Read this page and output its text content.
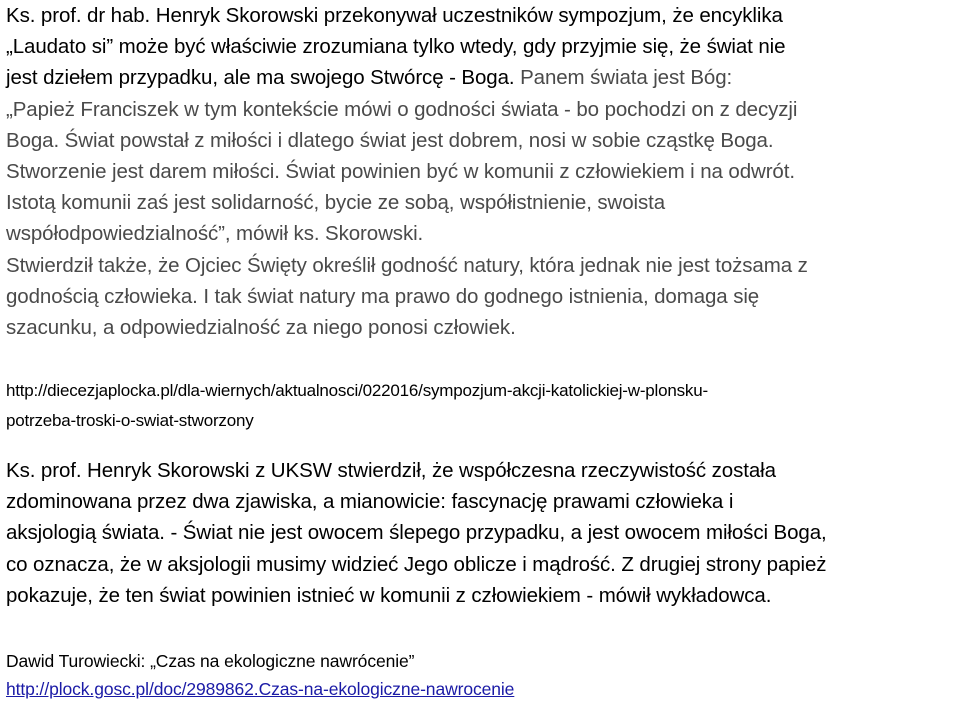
Ks. prof. dr hab. Henryk Skorowski przekonywał uczestników sympozjum, że encyklika
„Laudato si” może być właściwie zrozumiana tylko wtedy, gdy przyjmie się, że świat nie
jest dziełem przypadku, ale ma swojego Stwórcę - Boga. Panem świata jest Bóg:
„Papież Franciszek w tym kontekście mówi o godności świata - bo pochodzi on z decyzji
Boga. Świat powstał z miłości i dlatego świat jest dobrem, nosi w sobie cząstkę Boga.
Stworzenie jest darem miłości. Świat powinien być w komunii z człowiekiem i na odwrót.
Istotą komunii zaś jest solidarność, bycie ze sobą, współistnienie, swoista
współodpowiedzialność”, mówił ks. Skorowski.
Stwierdził także, że Ojciec Święty określił godność natury, która jednak nie jest tożsama z
godnością człowieka. I tak świat natury ma prawo do godnego istnienia, domaga się
szacunku, a odpowiedzialność za niego ponosi człowiek.
http://diecezjaplocka.pl/dla-wiernych/aktualnosci/022016/sympozjum-akcji-katolickiej-w-plonsku-
potrzeba-troski-o-swiat-stworzony
Ks. prof. Henryk Skorowski z UKSW stwierdził, że współczesna rzeczywistość została
zdominowana przez dwa zjawiska, a mianowicie: fascynację prawami człowieka i
aksjologią świata. - Świat nie jest owocem ślepego przypadku, a jest owocem miłości Boga,
co oznacza, że w aksjologii musimy widzieć Jego oblicze i mądrość. Z drugiej strony papież
pokazuje, że ten świat powinien istnieć w komunii z człowiekiem - mówił wykładowca.
Dawid Turowiecki: „Czas na ekologiczne nawrócenie”
http://plock.gosc.pl/doc/2989862.Czas-na-ekologiczne-nawrocenie
